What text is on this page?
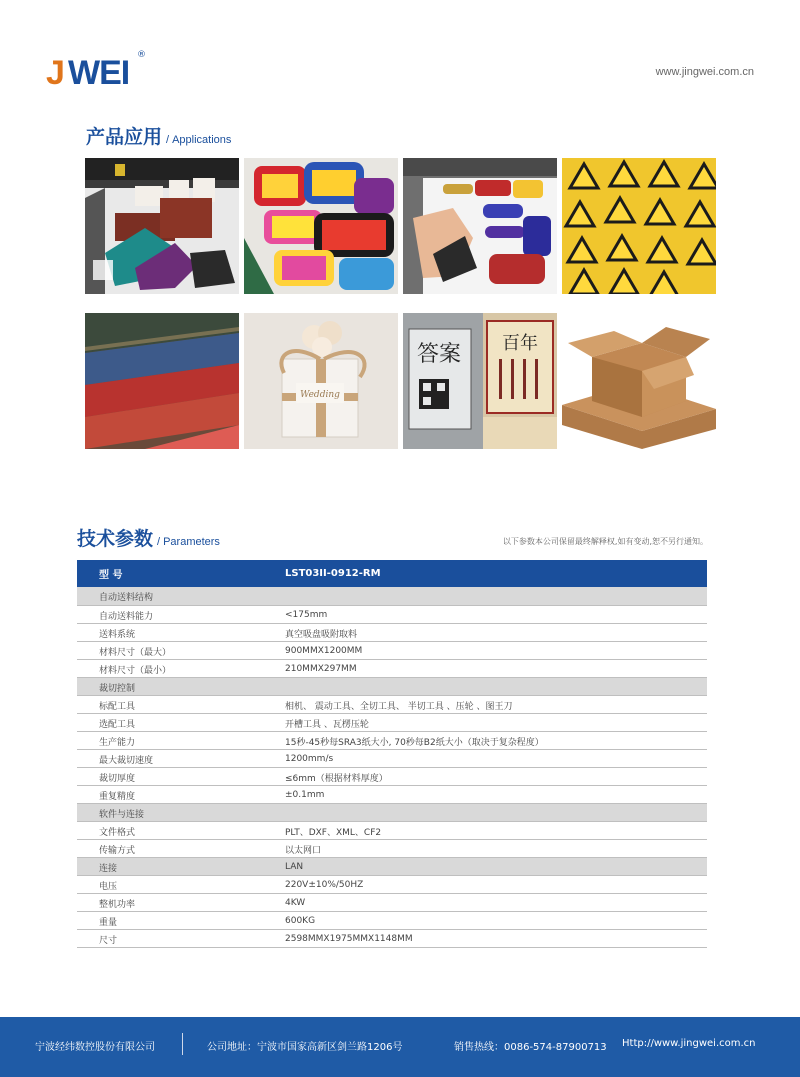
J WEI ®
www.jingwei.com.cn
产品应用 / Applications
Wedding
答案 百年
技术参数 / Parameters	以下参数本公司保留最终解释权,如有变动,恕不另行通知。
型 号	LST03II-0912-RM
自动送料结构	
自动送料能力	<175mm
送料系统	真空吸盘吸附取料
材料尺寸（最大）	900MMX1200MM
材料尺寸（最小）	210MMX297MM
裁切控制	
标配工具	相机、 震动工具、全切工具、 半切工具 、压轮 、图王刀
选配工具	开槽工具 、瓦楞压轮
生产能力	15秒-45秒每SRA3纸大小, 70秒每B2纸大小（取决于复杂程度）
最大裁切速度	1200mm/s
裁切厚度	≤6mm（根据材料厚度）
重复精度	±0.1mm
软件与连接	
文件格式	PLT、DXF、XML、CF2
传输方式	以太网口
连接	LAN
电压	220V±10%/50HZ
整机功率	4KW
重量	600KG
尺寸	2598MMX1975MMX1148MM
宁波经纬数控股份有限公司	公司地址：宁波市国家高新区剑兰路1206号	销售热线：0086-574-87900713 Http://www.jingwei.com.cn
